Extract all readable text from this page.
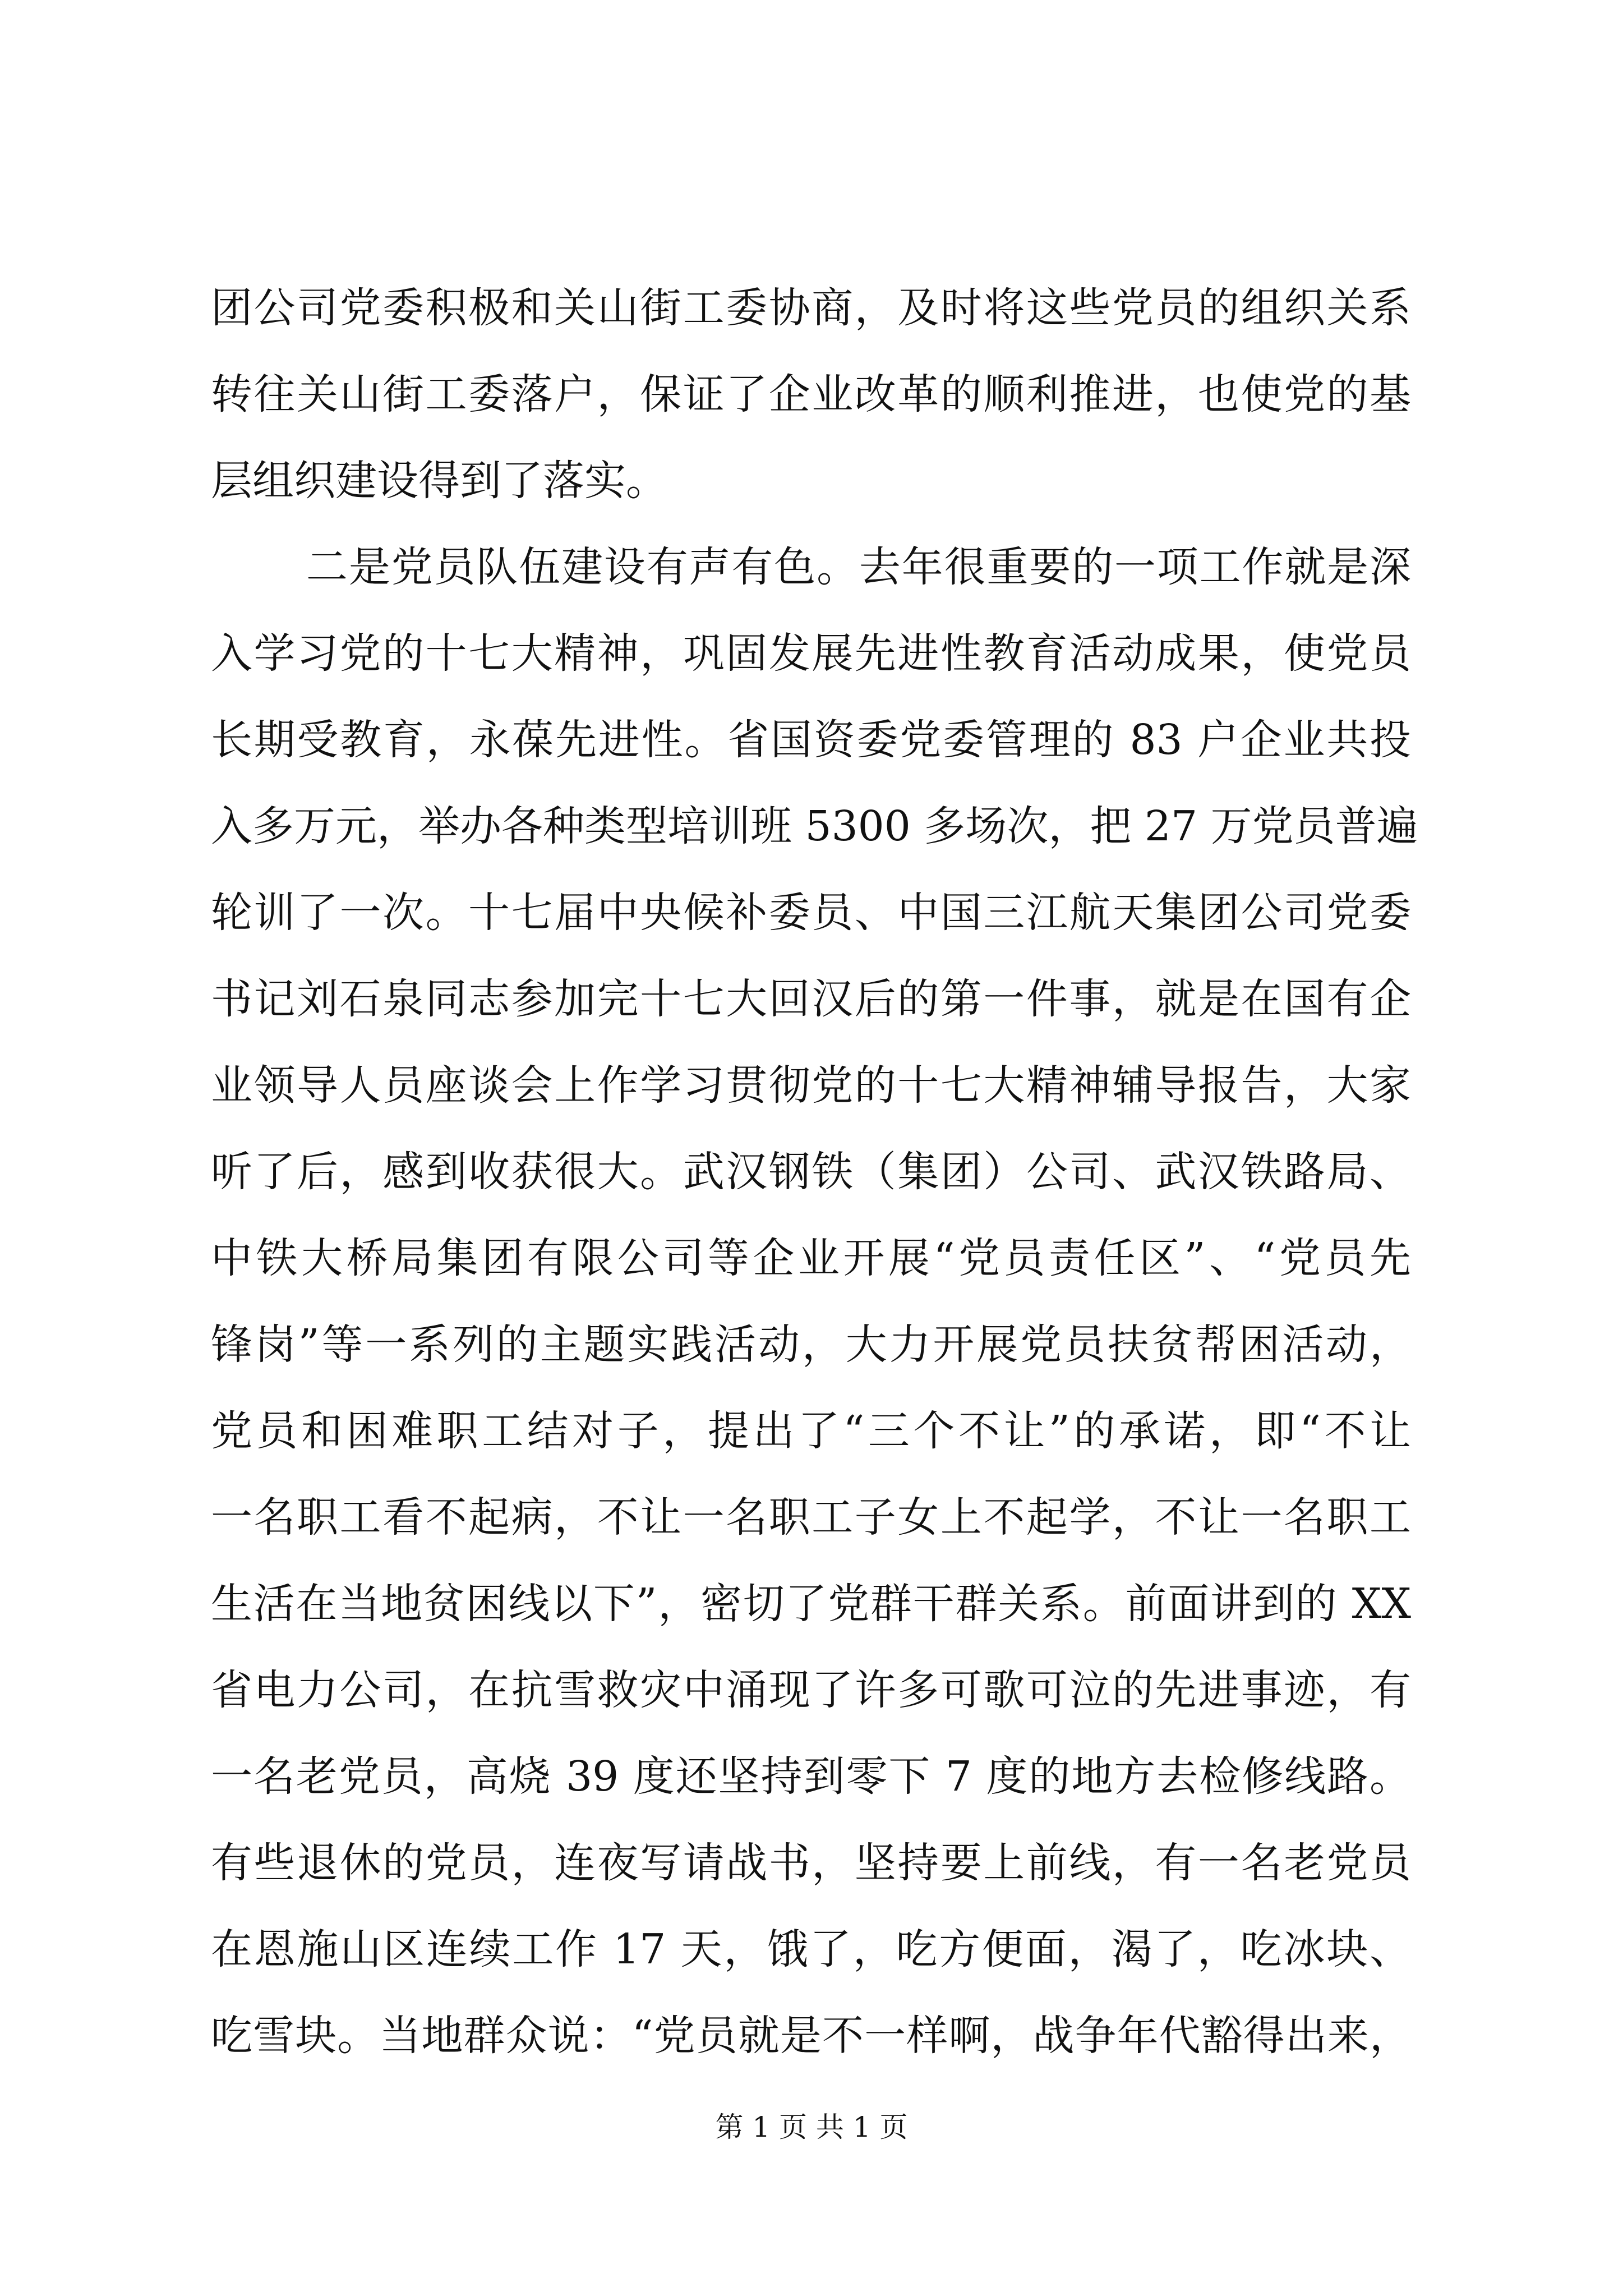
团公司党委积极和关山街工委协商，及时将这些党员的组织关系
转往关山街工委落户，保证了企业改革的顺利推进，也使党的基
层组织建设得到了落实。
二是党员队伍建设有声有色。去年很重要的一项工作就是深
入学习党的十七大精神，巩固发展先进性教育活动成果，使党员
长期受教育，永葆先进性。省国资委党委管理的 83 户企业共投
入多万元，举办各种类型培训班 5300 多场次，把 27 万党员普遍
轮训了一次。十七届中央候补委员、中国三江航天集团公司党委
书记刘石泉同志参加完十七大回汉后的第一件事，就是在国有企
业领导人员座谈会上作学习贯彻党的十七大精神辅导报告，大家
听了后，感到收获很大。武汉钢铁（集团）公司、武汉铁路局、
中铁大桥局集团有限公司等企业开展“党员责任区”、“党员先
锋岗”等一系列的主题实践活动，大力开展党员扶贫帮困活动，
党员和困难职工结对子，提出了“三个不让”的承诺，即“不让
一名职工看不起病，不让一名职工子女上不起学，不让一名职工
生活在当地贫困线以下”，密切了党群干群关系。前面讲到的 XX
省电力公司，在抗雪救灾中涌现了许多可歌可泣的先进事迹，有
一名老党员，高烧 39 度还坚持到零下 7 度的地方去检修线路。
有些退休的党员，连夜写请战书，坚持要上前线，有一名老党员
在恩施山区连续工作 17 天，饿了，吃方便面，渴了，吃冰块、
吃雪块。当地群众说：“党员就是不一样啊，战争年代豁得出来，
第 1 页 共 1 页
